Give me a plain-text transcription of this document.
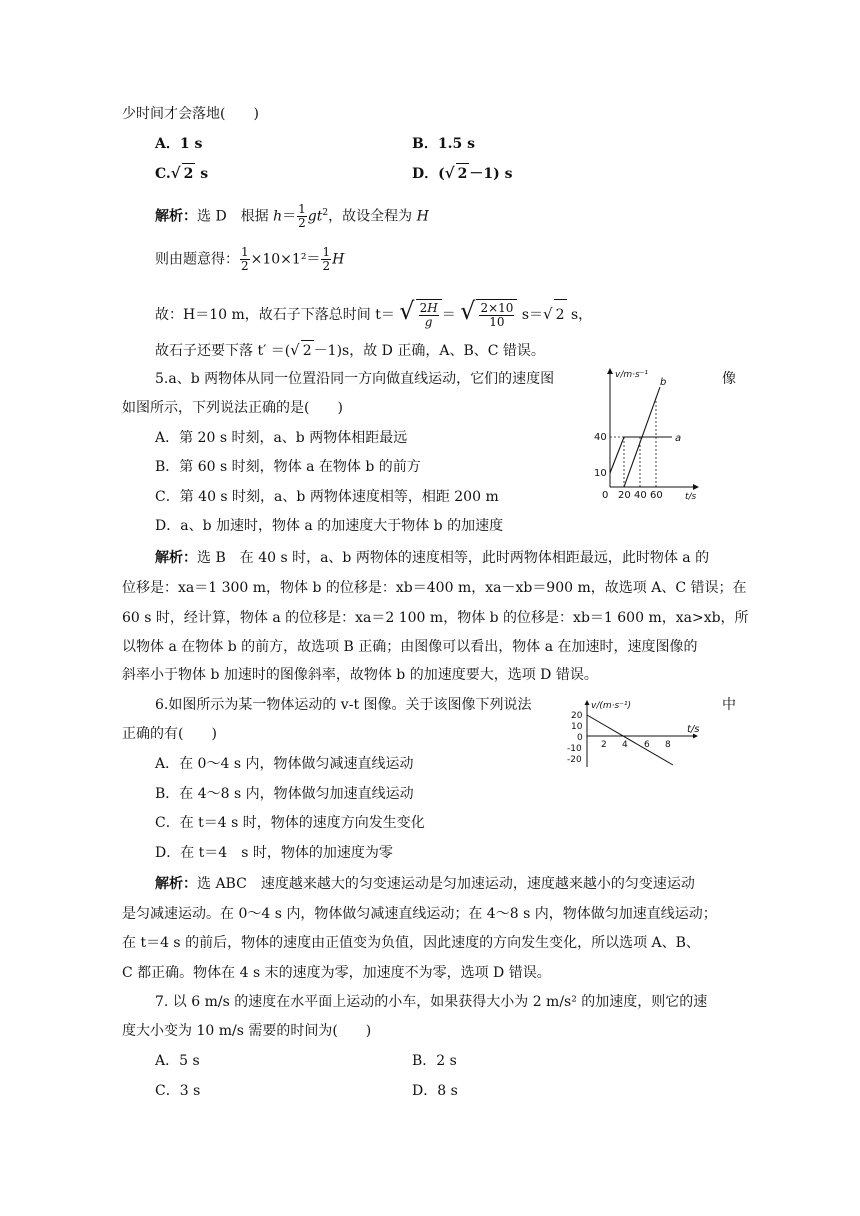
少时间才会落地(　　)
A．1 s	B．1.5 s
C.√ 2 s	D．(√ 2 －1) s
解析：选 D　根据 $h= \frac{1}{2} gt^2$，故设全程为 H
则由题意得： $\frac{1}{2} \times 10\times 1^2= \frac{1}{2}$ H
故：H＝10 m，故石子下落总时间 t＝ √ $\frac{2H}{g}$ ＝ √ $\frac{2\times 10}{10} s=√$ 2 s，
故石子还要下落 t′ ＝(√ 2 －1)s，故 D 正确，A、B、C 错误。
5.a、b 两物体从同一位置沿同一方向做直线运动，它们的速度图	像
如图所示，下列说法正确的是(　　)
A．第 20 s 时刻，a、b 两物体相距最远
B．第 60 s 时刻，物体 a 在物体 b 的前方
C．第 40 s 时刻，a、b 两物体速度相等，相距 200 m
D．a、b 加速时，物体 a 的加速度大于物体 b 的加速度
v/m·s⁻¹
t/s
40
10
0 20 40 60
a
b
解析：选 B　在 40 s 时，a、b 两物体的速度相等，此时两物体相距最远，此时物体 a 的
位移是：xa＝1 300 m，物体 b 的位移是：xb＝400 m，xa－xb＝900 m，故选项 A、C 错误；在
60 s 时，经计算，物体 a 的位移是：xa＝2 100 m，物体 b 的位移是：xb＝1 600 m，xa>xb，所
以物体 a 在物体 b 的前方，故选项 B 正确；由图像可以看出，物体 a 在加速时，速度图像的
斜率小于物体 b 加速时的图像斜率，故物体 b 的加速度要大，选项 D 错误。
6.如图所示为某一物体运动的 v-t 图像。关于该图像下列说法	中
正确的有(　　)
A．在 0～4 s 内，物体做匀减速直线运动
B．在 4～8 s 内，物体做匀加速直线运动
C．在 t＝4 s 时，物体的速度方向发生变化
D．在 t＝4　s 时，物体的加速度为零
v/(m·s⁻¹)
t/s
20
10
0
-10
-20
2 4 6 8
解析：选 ABC　速度越来越大的匀变速运动是匀加速运动，速度越来越小的匀变速运动
是匀减速运动。在 0～4 s 内，物体做匀减速直线运动；在 4～8 s 内，物体做匀加速直线运动；
在 t＝4 s 的前后，物体的速度由正值变为负值，因此速度的方向发生变化，所以选项 A、B、
C 都正确。物体在 4 s 末的速度为零，加速度不为零，选项 D 错误。
7. 以 6 m/s 的速度在水平面上运动的小车，如果获得大小为 2 m/s² 的加速度，则它的速
度大小变为 10 m/s 需要的时间为(　　)
A．5 s	B．2 s
C．3 s	D．8 s
